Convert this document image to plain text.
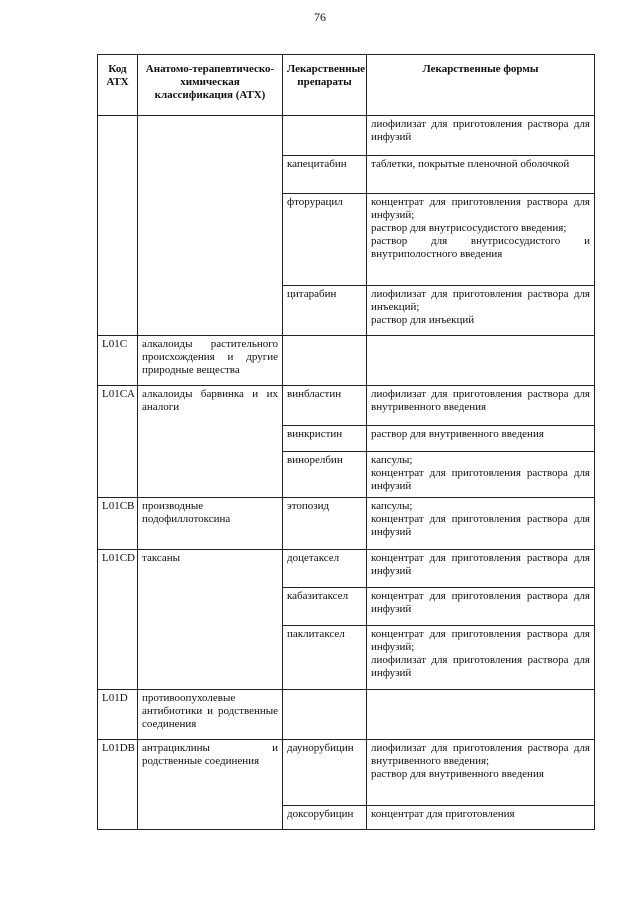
76
Код АТХ	Анатомо-терапевтическо-химическая классификация (АТХ)	Лекарственные препараты	Лекарственные формы
			лиофилизат для приготовления раствора для инфузий
		капецитабин	таблетки, покрытые пленочной оболочкой
		фторурацил	концентрат для приготовления раствора для инфузий;
раствор для внутрисосудистого введения;
раствор для внутрисосудистого и внутриполостного введения
		цитарабин	лиофилизат для приготовления раствора для инъекций;
раствор для инъекций
L01C	алкалоиды растительного происхождения и другие природные вещества		
L01CA	алкалоиды барвинка и их аналоги	винбластин	лиофилизат для приготовления раствора для внутривенного введения
		винкристин	раствор для внутривенного введения
		винорелбин	капсулы;
концентрат для приготовления раствора для инфузий
L01CB	производные подофиллотоксина	этопозид	капсулы;
концентрат для приготовления раствора для инфузий
L01CD	таксаны	доцетаксел	концентрат для приготовления раствора для инфузий
		кабазитаксел	концентрат для приготовления раствора для инфузий
		паклитаксел	концентрат для приготовления раствора для инфузий;
лиофилизат для приготовления раствора для инфузий
L01D	противоопухолевые антибиотики и родственные соединения		
L01DB	антрациклины и родственные соединения	даунорубицин	лиофилизат для приготовления раствора для внутривенного введения;
раствор для внутривенного введения
		доксорубицин	концентрат для приготовления
